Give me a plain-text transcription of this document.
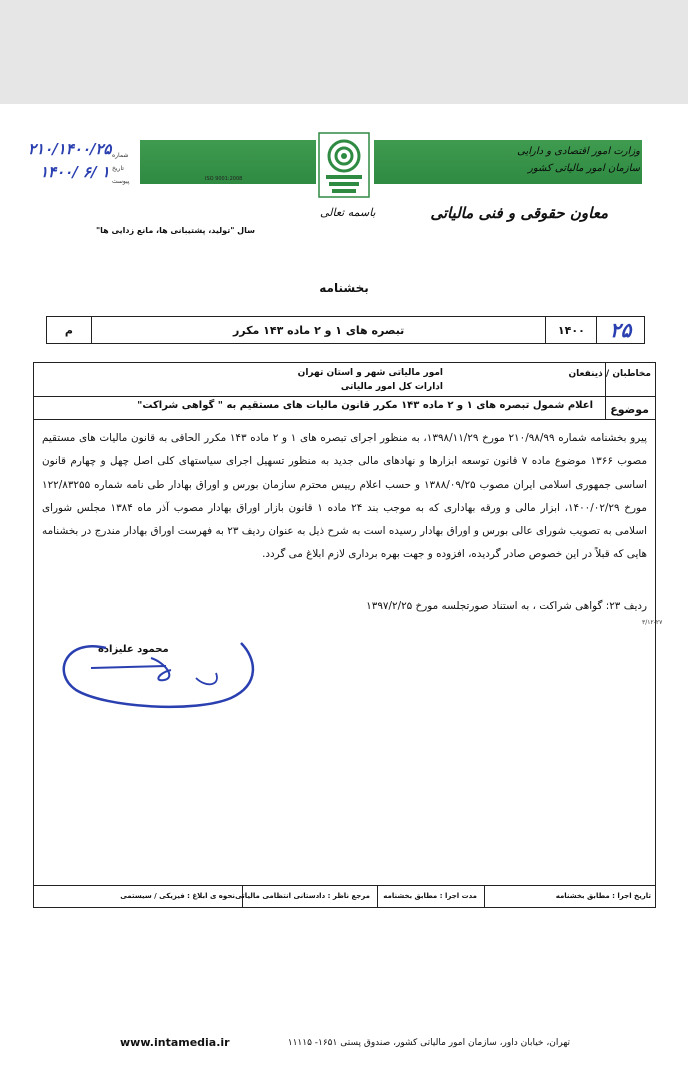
ISO 9001:2008
وزارت امور اقتصادی و دارایی
سازمان امور مالیاتی کشور
معاون حقوقی و فنی مالیاتی
باسمه تعالی
سال "تولید، پشتیبانی ها، مانع زدایی ها"
۲۱۰/۱۴۰۰/۲۵
۱۴۰۰/ ۶/ ۱
شماره
تاریخ
پیوست
بخشنامه
م	تبصره های ۱ و ۲ ماده ۱۴۳ مکرر	۱۴۰۰ ۲۵
مخاطبان / ذینفعان
امور مالیاتی شهر و استان تهران
ادارات کل امور مالیاتی
موضوع
اعلام شمول تبصره های ۱ و ۲ ماده ۱۴۳ مکرر قانون مالیات های مستقیم به " گواهی شراکت"

پیرو بخشنامه شماره ۲۱۰/۹۸/۹۹ مورخ ۱۳۹۸/۱۱/۲۹، به منظور اجرای تبصره های ۱ و ۲ ماده ۱۴۳ مکرر الحاقی به قانون مالیات های مستقیم مصوب ۱۳۶۶ موضوع ماده ۷ قانون توسعه ابزارها و نهادهای مالی جدید به منظور تسهیل اجرای سیاستهای کلی اصل چهل و چهارم قانون اساسی جمهوری اسلامی ایران مصوب ۱۳۸۸/۰۹/۲۵ و حسب اعلام رییس محترم سازمان بورس و اوراق بهادار طی نامه شماره ۱۲۲/۸۳۲۵۵ مورخ ۱۴۰۰/۰۲/۲۹، ابزار مالی و ورقه بهاداری که به موجب بند ۲۴ ماده ۱ قانون بازار اوراق بهادار مصوب آذر ماه ۱۳۸۴ مجلس شورای اسلامی به تصویب شورای عالی بورس و اوراق بهادار رسیده است به شرح ذیل به عنوان ردیف ۲۳ به فهرست اوراق بهادار مندرج در بخشنامه هایی که قبلاً در این خصوص صادر گردیده، افزوده و جهت بهره برداری لازم ابلاغ می گردد.

ردیف ۲۳: گواهی شراکت ، به استناد صورتجلسه مورخ ۱۳۹۷/۲/۲۵
۳/۱۲-۲۷
محمود علیزاده
تاریخ اجرا : مطابق بخشنامه
مدت اجرا : مطابق بخشنامه
مرجع ناظر : دادستانی انتظامی مالیاتی
نحوه ی ابلاغ : فیزیکی / سیستمی
www.intamedia.ir	تهران، خیابان داور، سازمان امور مالیاتی کشور، صندوق پستی ۱۶۵۱- ۱۱۱۱۵
